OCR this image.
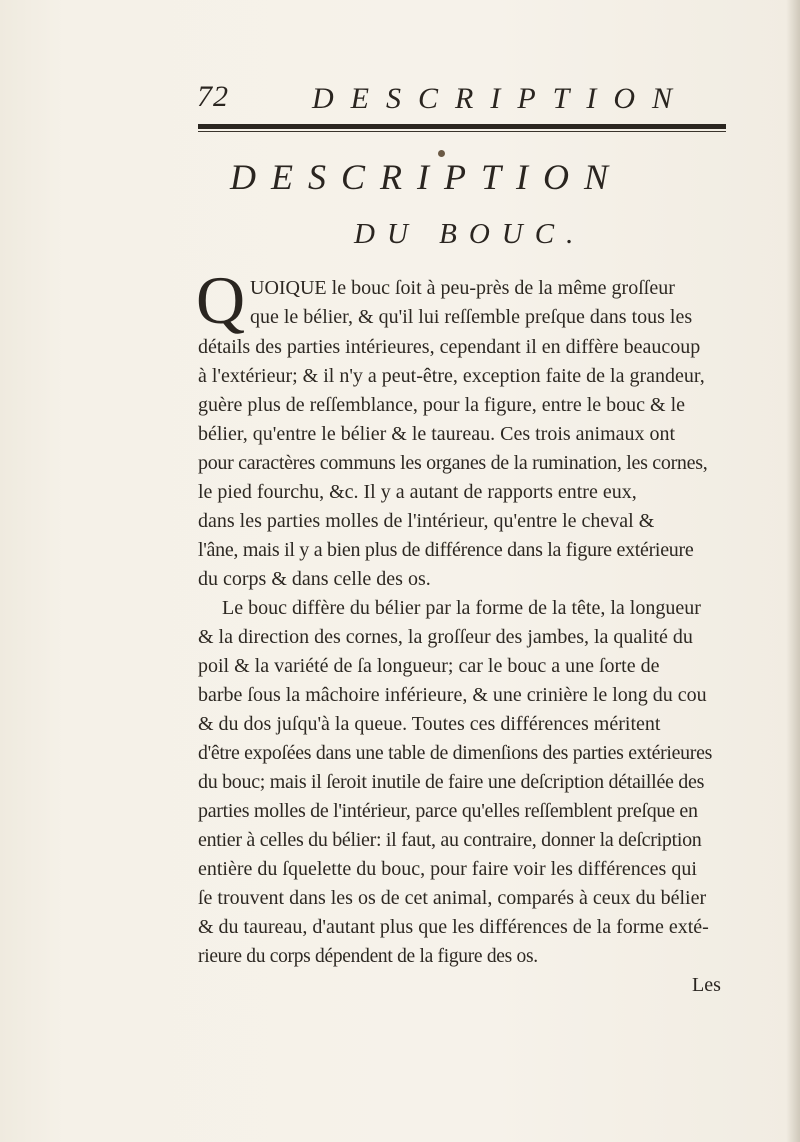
72	DESCRIPTION
DESCRIPTION
DU BOUC.
Q UOIQUE le bouc ſoit à peu-près de la même groſſeur
que le bélier, & qu'il lui reſſemble preſque dans tous les
détails des parties intérieures, cependant il en diffère beaucoup
à l'extérieur; & il n'y a peut-être, exception faite de la grandeur,
guère plus de reſſemblance, pour la figure, entre le bouc & le
bélier, qu'entre le bélier & le taureau. Ces trois animaux ont
pour caractères communs les organes de la rumination, les cornes,
le pied fourchu, &c. Il y a autant de rapports entre eux,
dans les parties molles de l'intérieur, qu'entre le cheval &
l'âne, mais il y a bien plus de différence dans la figure extérieure
du corps & dans celle des os.
Le bouc diffère du bélier par la forme de la tête, la longueur
& la direction des cornes, la groſſeur des jambes, la qualité du
poil & la variété de ſa longueur; car le bouc a une ſorte de
barbe ſous la mâchoire inférieure, & une crinière le long du cou
& du dos juſqu'à la queue. Toutes ces différences méritent
d'être expoſées dans une table de dimenſions des parties extérieures
du bouc; mais il ſeroit inutile de faire une deſcription détaillée des
parties molles de l'intérieur, parce qu'elles reſſemblent preſque en
entier à celles du bélier: il faut, au contraire, donner la deſcription
entière du ſquelette du bouc, pour faire voir les différences qui
ſe trouvent dans les os de cet animal, comparés à ceux du bélier
& du taureau, d'autant plus que les différences de la forme exté-
rieure du corps dépendent de la figure des os.
Les
